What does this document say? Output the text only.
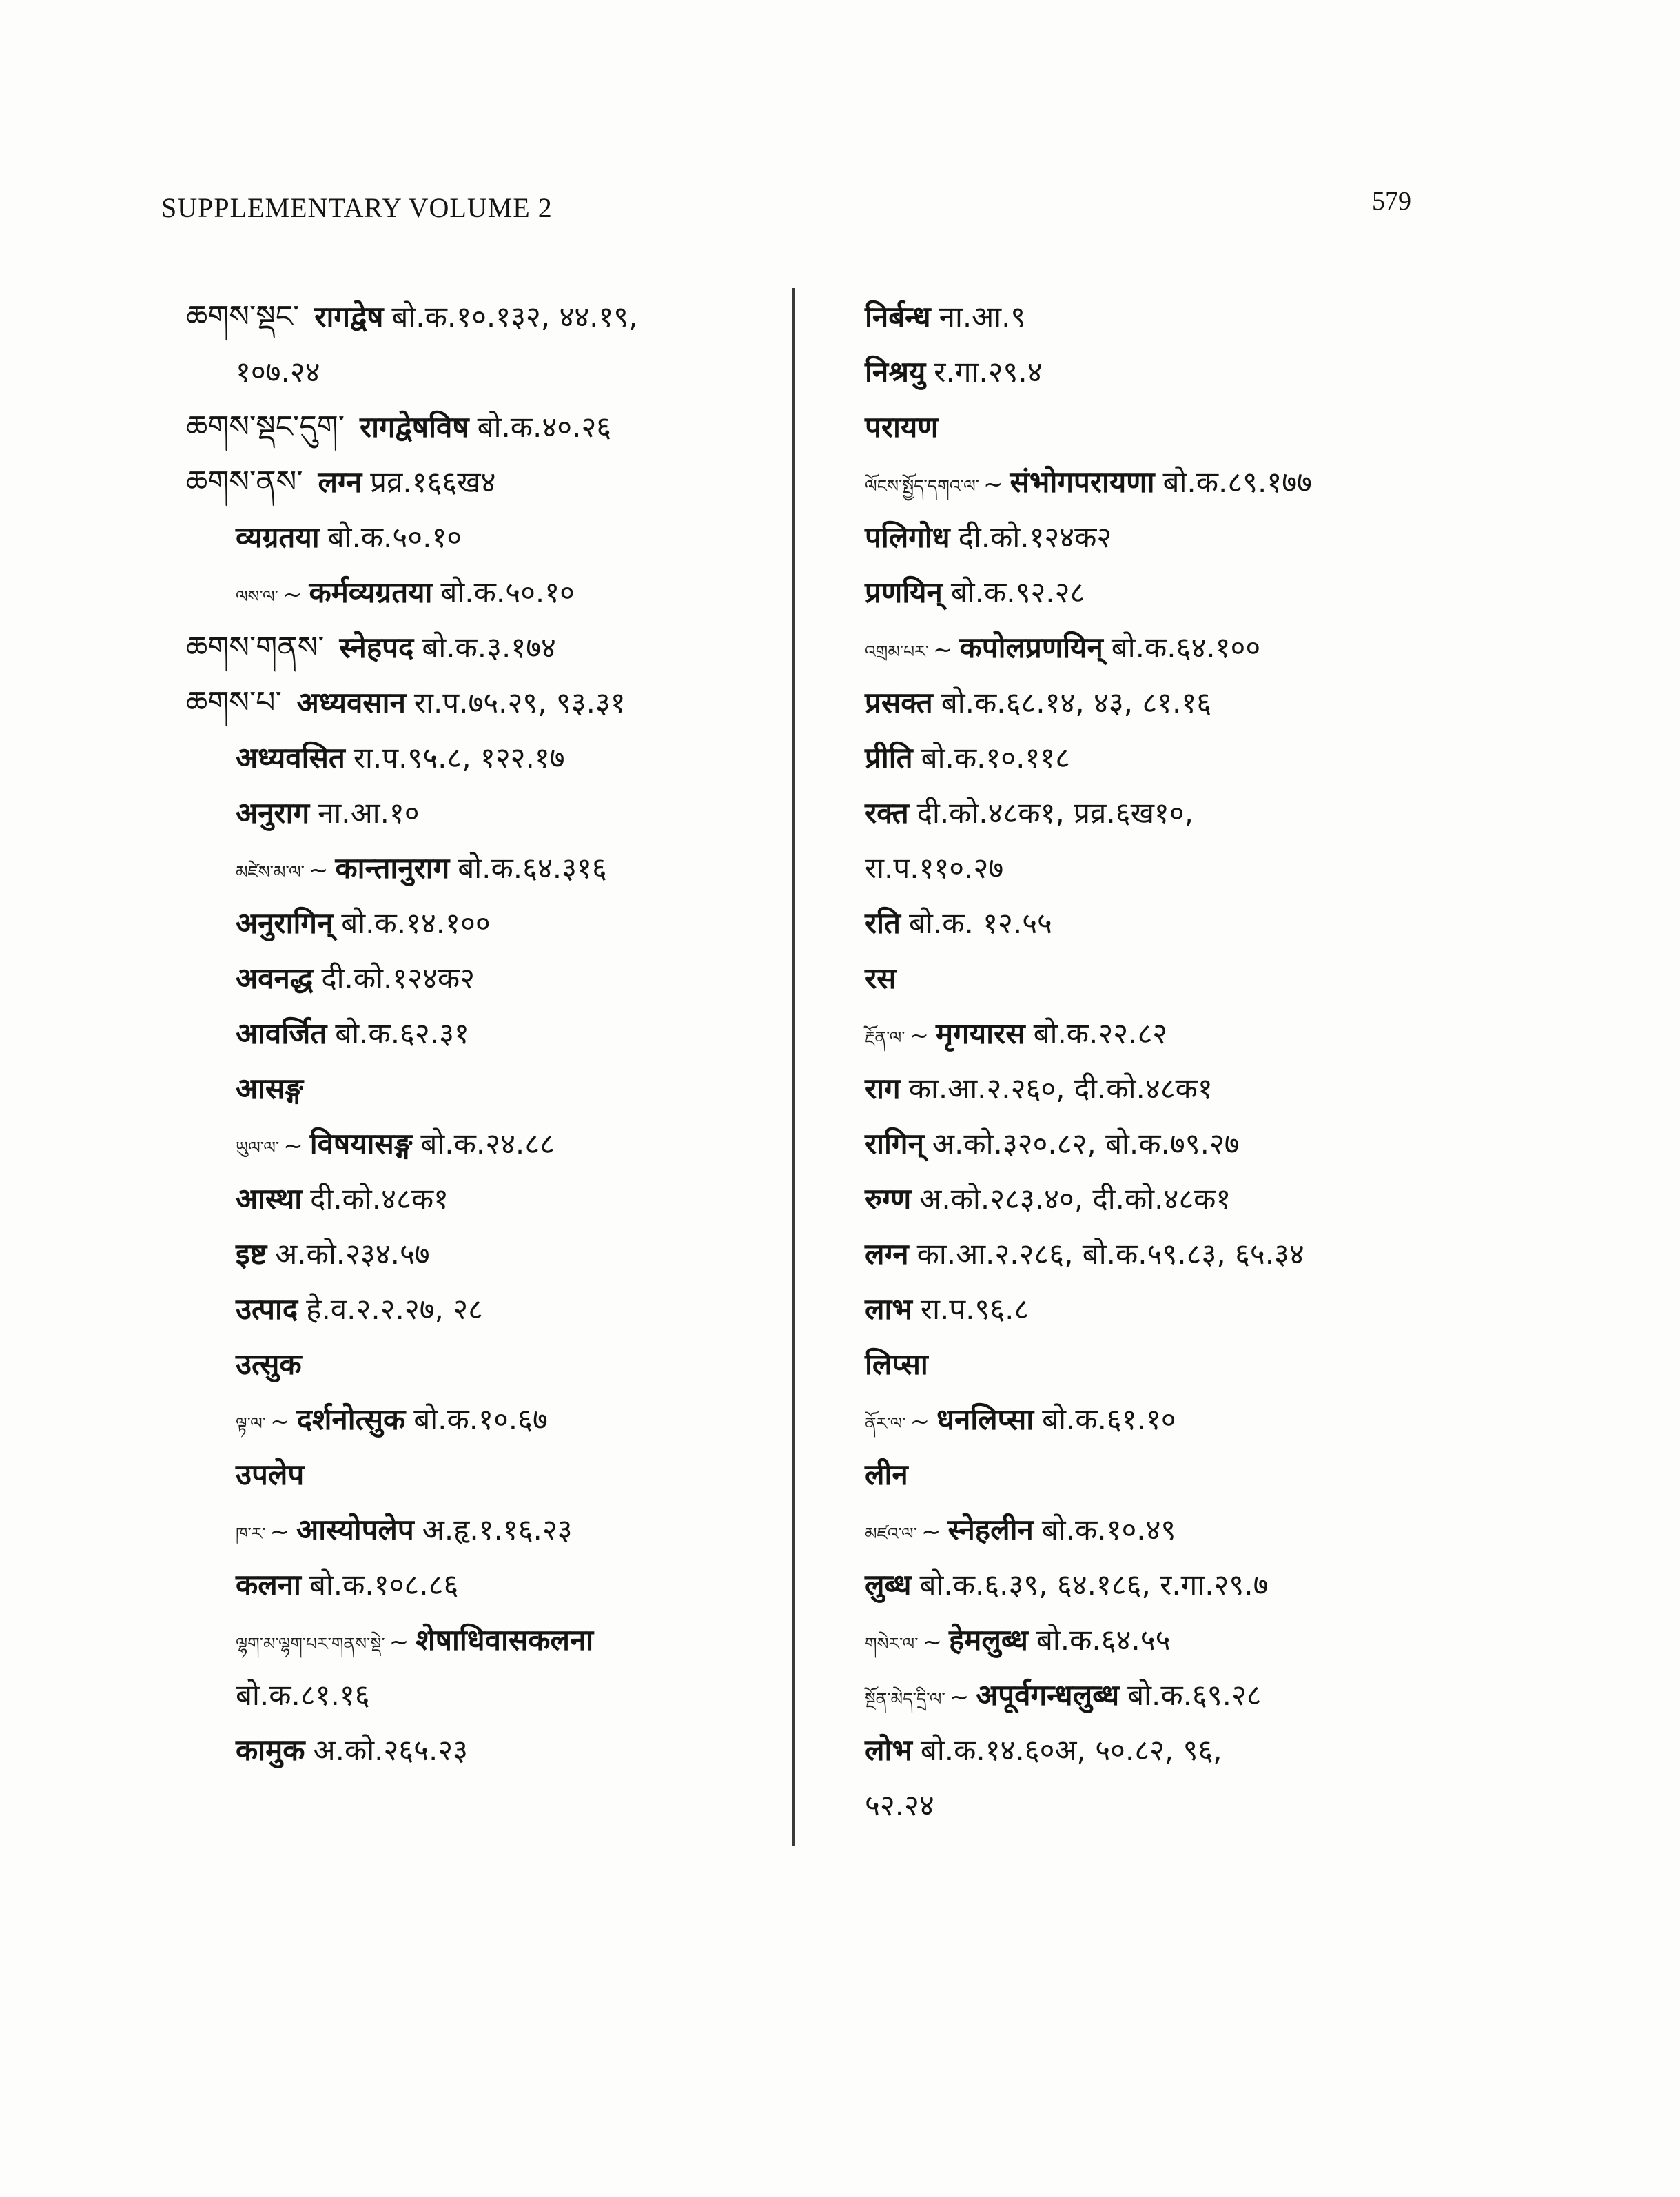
SUPPLEMENTARY VOLUME 2	579
ཆགས་སྡང་ रागद्वेष बो.क.१०.१३२, ४४.१९,
१०७.२४
ཆགས་སྡང་དུག་ रागद्वेषविष बो.क.४०.२६
ཆགས་ནས་ लग्न प्रव्र.१६६ख४
व्यग्रतया बो.क.५०.१०
ལས་ལ་ ~ कर्मव्यग्रतया बो.क.५०.१०
ཆགས་གནས་ स्नेहपद बो.क.३.१७४
ཆགས་པ་ अध्यवसान रा.प.७५.२९, ९३.३१
अध्यवसित रा.प.९५.८, १२२.१७
अनुराग ना.आ.१०
མཛེས་མ་ལ་ ~ कान्तानुराग बो.क.६४.३१६
अनुरागिन् बो.क.१४.१००
अवनद्ध दी.को.१२४क२
आवर्जित बो.क.६२.३१
आसङ्ग
ཡུལ་ལ་ ~ विषयासङ्ग बो.क.२४.८८
आस्था दी.को.४८क१
इष्ट अ.को.२३४.५७
उत्पाद हे.व.२.२.२७, २८
उत्सुक
ལྟ་ལ་ ~ दर्शनोत्सुक बो.क.१०.६७
उपलेप
ཁ་ར་ ~ आस्योपलेप अ.हृ.१.१६.२३
कलना बो.क.१०८.८६
ལྷག་མ་ལྷག་པར་གནས་སྡེ་ ~ शेषाधिवासकलना
बो.क.८१.१६
कामुक अ.को.२६५.२३
निर्बन्ध ना.आ.९
निश्रयु र.गा.२९.४
परायण
ལོངས་སྤྱོད་དགའ་ལ་ ~ संभोगपरायणा बो.क.८९.१७७
पलिगोध दी.को.१२४क२
प्रणयिन् बो.क.९२.२८
འགྲམ་པར་ ~ कपोलप्रणयिन् बो.क.६४.१००
प्रसक्त बो.क.६८.१४, ४३, ८१.१६
प्रीति बो.क.१०.११८
रक्त दी.को.४८क१, प्रव्र.६ख१०,
रा.प.११०.२७
रति बो.क. १२.५५
रस
རྔོན་ལ་ ~ मृगयारस बो.क.२२.८२
राग का.आ.२.२६०, दी.को.४८क१
रागिन् अ.को.३२०.८२, बो.क.७९.२७
रुग्ण अ.को.२८३.४०, दी.को.४८क१
लग्न का.आ.२.२८६, बो.क.५९.८३, ६५.३४
लाभ रा.प.९६.८
लिप्सा
ནོར་ལ་ ~ धनलिप्सा बो.क.६१.१०
लीन
མཛའ་ལ་ ~ स्नेहलीन बो.क.१०.४९
लुब्ध बो.क.६.३९, ६४.१८६, र.गा.२९.७
གསེར་ལ་ ~ हेमलुब्ध बो.क.६४.५५
སྔོན་མེད་དྲི་ལ་ ~ अपूर्वगन्धलुब्ध बो.क.६९.२८
लोभ बो.क.१४.६०अ, ५०.८२, ९६,
५२.२४
